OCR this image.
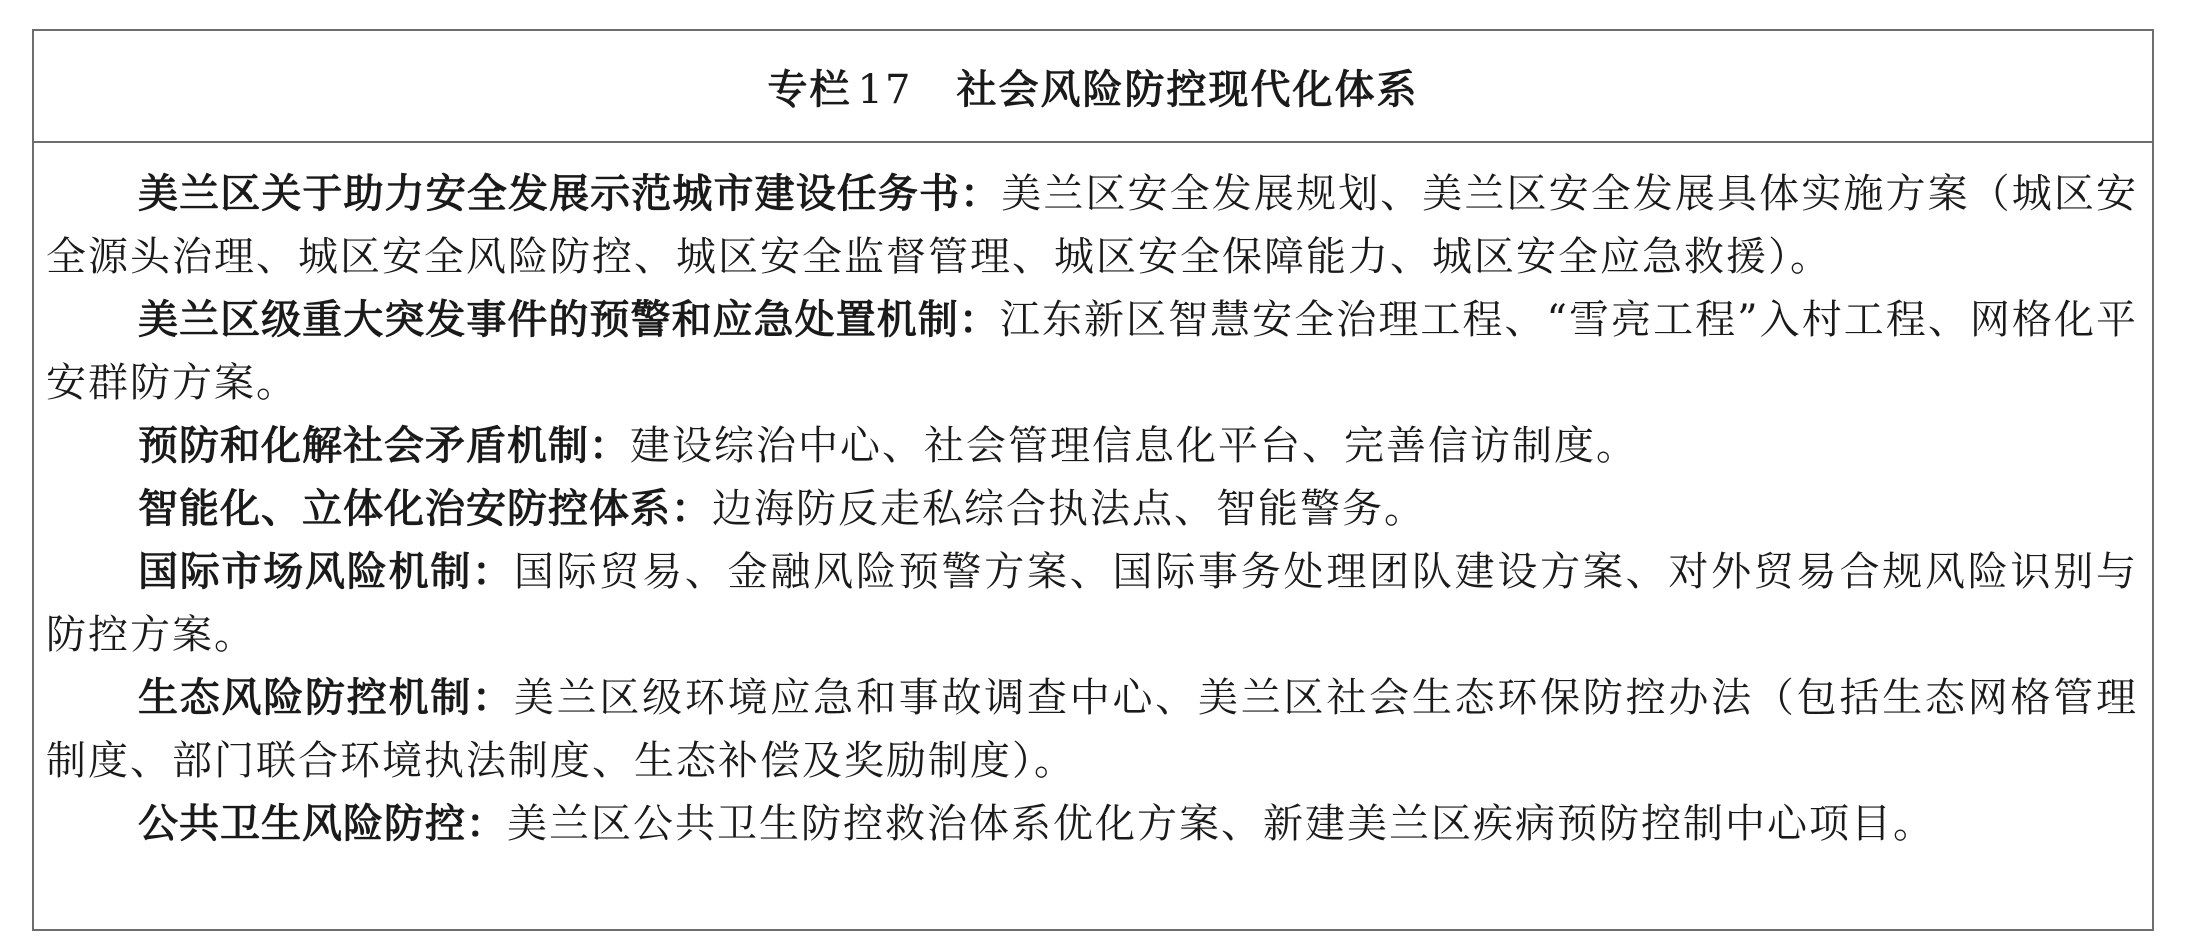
专栏 17 社会风险防控现代化体系

美兰区关于助力安全发展示范城市建设任务书：美兰区安全发展规划、美兰区安全发展具体实施方案（城区安全源头治理、城区安全风险防控、城区安全监督管理、城区安全保障能力、城区安全应急救援）。

美兰区级重大突发事件的预警和应急处置机制：江东新区智慧安全治理工程、“雪亮工程”入村工程、网格化平安群防方案。

预防和化解社会矛盾机制：建设综治中心、社会管理信息化平台、完善信访制度。

智能化、立体化治安防控体系：边海防反走私综合执法点、智能警务。

国际市场风险机制：国际贸易、金融风险预警方案、国际事务处理团队建设方案、对外贸易合规风险识别与防控方案。

生态风险防控机制：美兰区级环境应急和事故调查中心、美兰区社会生态环保防控办法（包括生态网格管理制度、部门联合环境执法制度、生态补偿及奖励制度）。

公共卫生风险防控：美兰区公共卫生防控救治体系优化方案、新建美兰区疾病预防控制中心项目。
